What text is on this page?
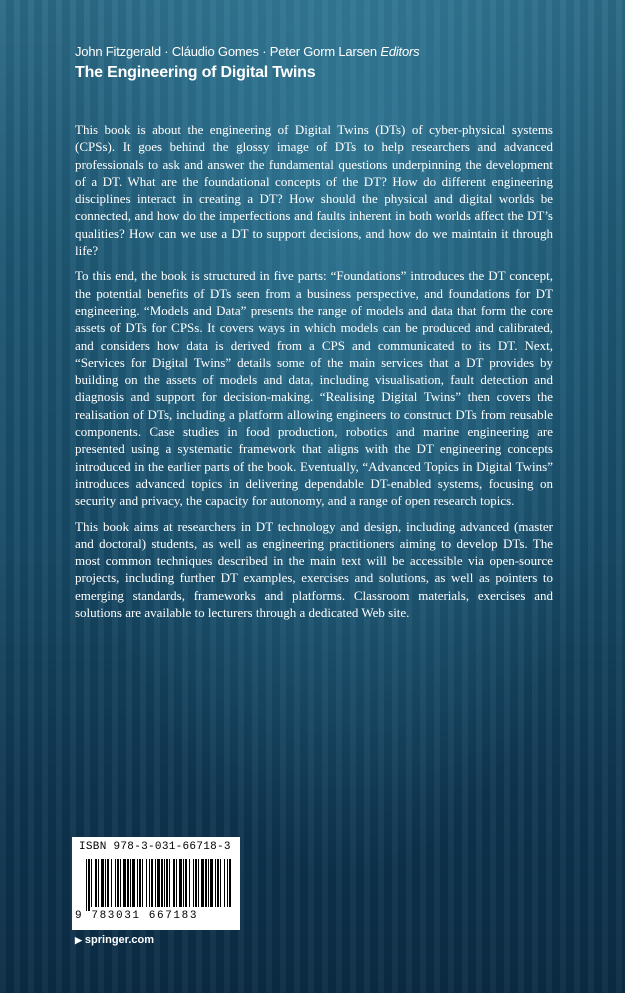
John Fitzgerald · Cláudio Gomes · Peter Gorm Larsen Editors
The Engineering of Digital Twins

This book is about the engineering of Digital Twins (DTs) of cyber-physical systems (CPSs). It goes behind the glossy image of DTs to help researchers and advanced professionals to ask and answer the fundamental questions underpinning the development of a DT. What are the foundational concepts of the DT? How do different engineering disciplines interact in creating a DT? How should the physical and digital worlds be connected, and how do the imperfections and faults inherent in both worlds affect the DT’s qualities? How can we use a DT to support decisions, and how do we maintain it through life?

To this end, the book is structured in five parts: “Foundations” introduces the DT concept, the potential benefits of DTs seen from a business perspective, and foundations for DT engineering. “Models and Data” presents the range of models and data that form the core assets of DTs for CPSs. It covers ways in which models can be produced and calibrated, and considers how data is derived from a CPS and communicated to its DT. Next, “Services for Digital Twins” details some of the main services that a DT provides by building on the assets of models and data, including visualisation, fault detection and diagnosis and support for decision-making. “Realising Digital Twins” then covers the realisation of DTs, including a platform allowing engineers to construct DTs from reusable components. Case studies in food production, robotics and marine engineering are presented using a systematic framework that aligns with the DT engineering concepts introduced in the earlier parts of the book. Eventually, “Advanced Topics in Digital Twins” introduces advanced topics in delivering dependable DT-enabled systems, focusing on security and privacy, the capacity for autonomy, and a range of open research topics.

This book aims at researchers in DT technology and design, including advanced (master and doctoral) students, as well as engineering practitioners aiming to develop DTs. The most common techniques described in the main text will be accessible via open-source projects, including further DT examples, exercises and solutions, as well as pointers to emerging standards, frameworks and platforms. Classroom materials, exercises and solutions are available to lecturers through a dedicated Web site.

ISBN 978-3-031-66718-3
9 783031 667183
▶ springer.com
